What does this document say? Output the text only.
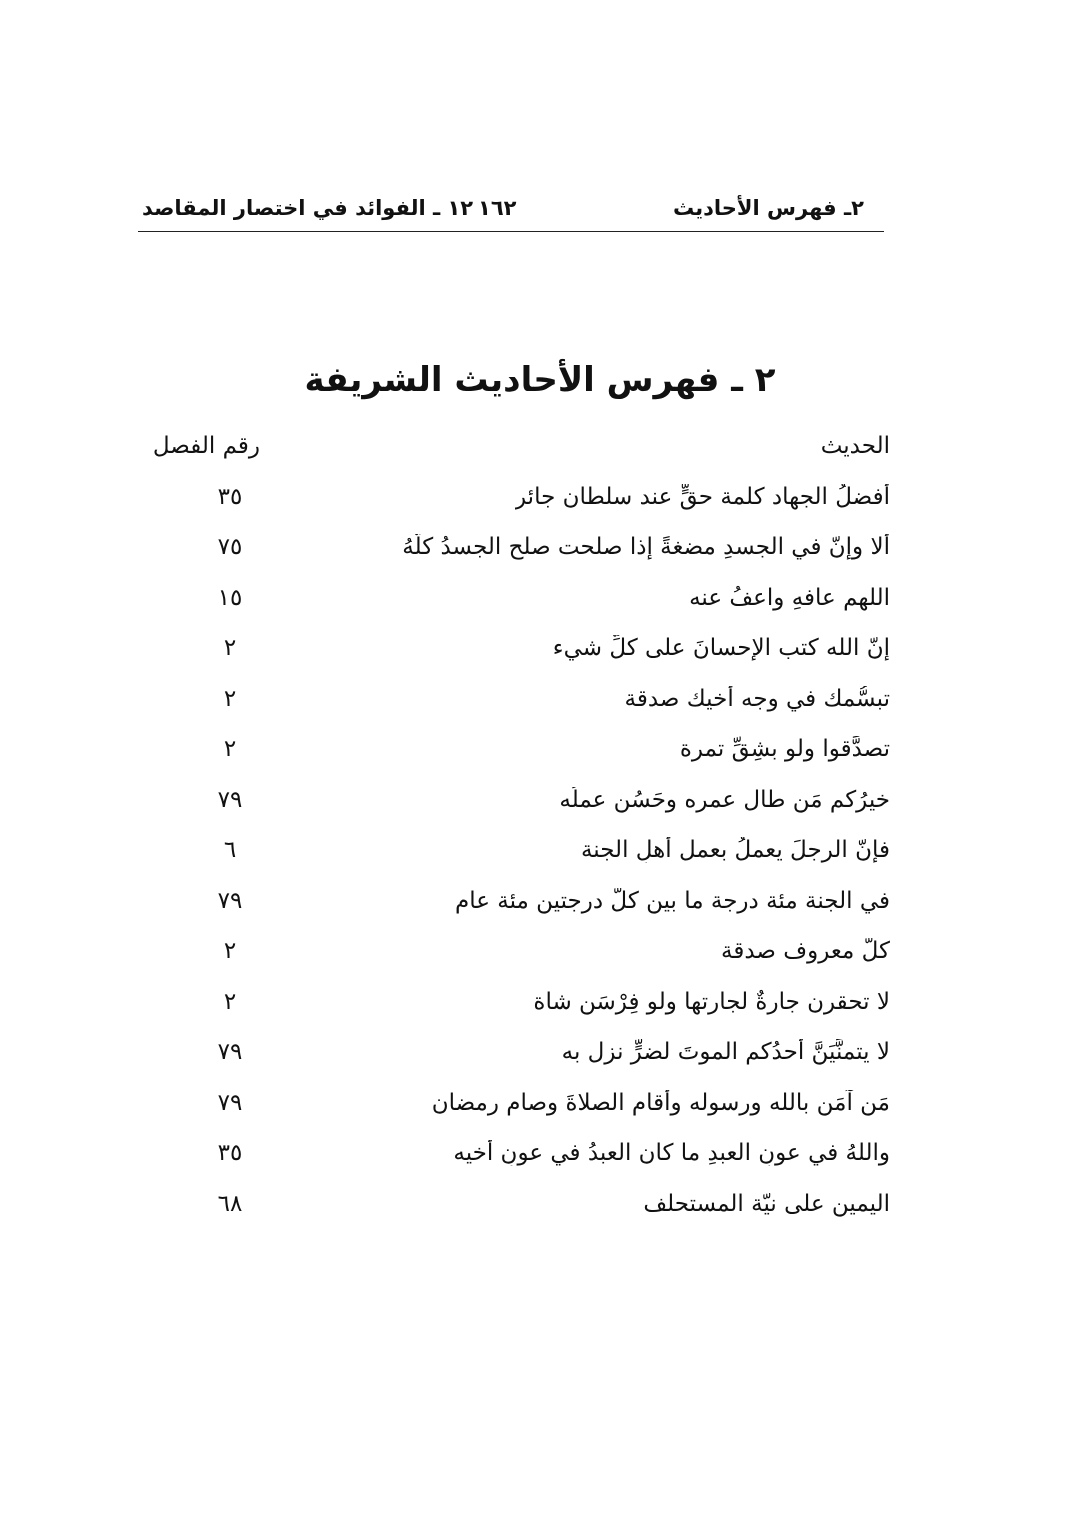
٢ـ فهرس الأحاديث
١٦٢
١٢ ـ الفوائد في اختصار المقاصد
٢ ـ فهرس الأحاديث الشريفة
الحديث
رقم الفصل
أفضلُ الجهاد كلمة حقٍّ عند سلطان جائر
٣٥
ألا وإنّ في الجسدِ مضغةً إذا صلحت صلح الجسدُ كلُّهُ
٧٥
اللهم عافهِ واعفُ عنه
١٥
إنّ الله كتب الإحسانَ على كلِّ شيء
٢
تبسُّمك في وجه أخيك صدقة
٢
تصدَّقوا ولو بشِقِّ تمرة
٢
خيرُكم مَن طال عمره وحَسُن عملُه
٧٩
فإنّ الرجلَ يعملُ بعمل أهلِ الجنة
٦
في الجنة مئة درجة ما بين كلّ درجتين مئة عام
٧٩
كلُّ معروف صدقة
٢
لا تحقرن جارةٌ لجارتها ولو فِرْسَن شاة
٢
لا يتمنَّيَنَّ أحدُكم الموتَ لضرٍّ نزل به
٧٩
مَن آمَن بالله ورسوله وأقام الصلاةَ وصام رمضان
٧٩
واللهُ في عونِ العبدِ ما كان العبدُ في عونِ أخيه
٣٥
اليمين على نيّة المستحلف
٦٨
